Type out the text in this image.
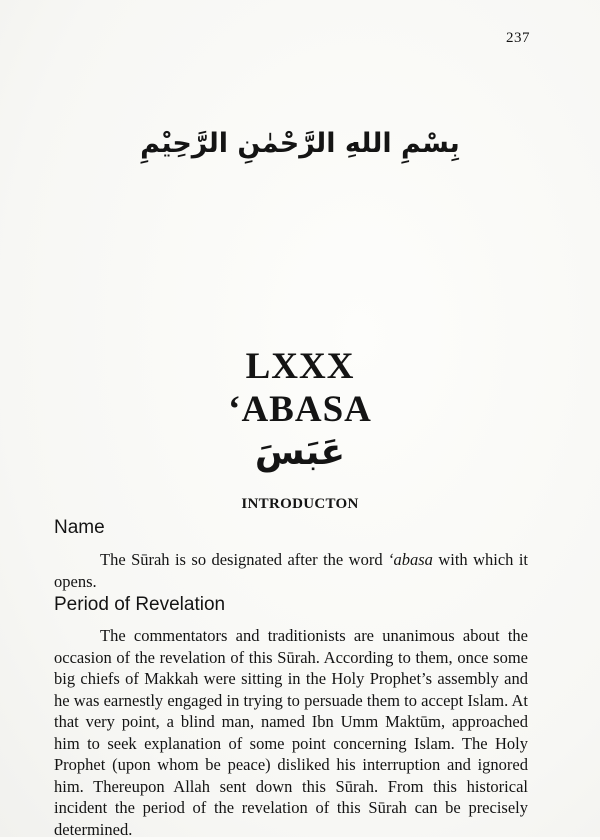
237
بِسْمِ اللهِ الرَّحْمٰنِ الرَّحِيْمِ
LXXX
‘ABASA
عَبَسَ
INTRODUCTON
Name

The Sūrah is so designated after the word ‘abasa with which it opens.

Period of Revelation

The commentators and traditionists are unanimous about the occasion of the revelation of this Sūrah. According to them, once some big chiefs of Makkah were sitting in the Holy Prophet’s assembly and he was earnestly engaged in trying to persuade them to accept Islam. At that very point, a blind man, named Ibn Umm Maktūm, approached him to seek explanation of some point concerning Islam. The Holy Prophet (upon whom be peace) disliked his interruption and ignored him. Thereupon Allah sent down this Sūrah. From this historical incident the period of the revelation of this Sūrah can be precisely determined.
